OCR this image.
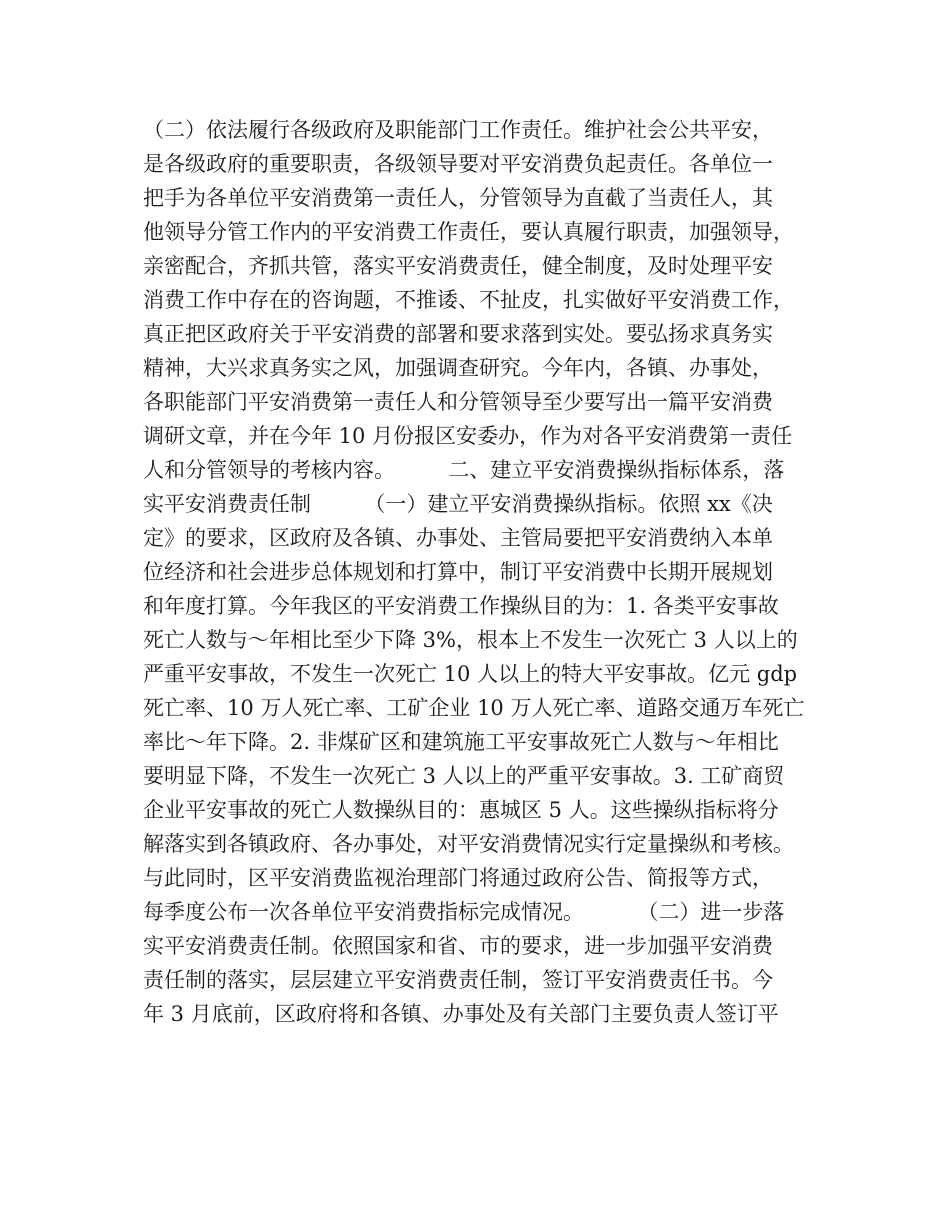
（二）依法履行各级政府及职能部门工作责任。维护社会公共平安，
是各级政府的重要职责，各级领导要对平安消费负起责任。各单位一
把手为各单位平安消费第一责任人，分管领导为直截了当责任人，其
他领导分管工作内的平安消费工作责任，要认真履行职责，加强领导，
亲密配合，齐抓共管，落实平安消费责任，健全制度，及时处理平安
消费工作中存在的咨询题，不推诿、不扯皮，扎实做好平安消费工作，
真正把区政府关于平安消费的部署和要求落到实处。要弘扬求真务实
精神，大兴求真务实之风，加强调查研究。今年内，各镇、办事处，
各职能部门平安消费第一责任人和分管领导至少要写出一篇平安消费
调研文章，并在今年 10 月份报区安委办，作为对各平安消费第一责任
人和分管领导的考核内容。        二、建立平安消费操纵指标体系，落
实平安消费责任制        （一）建立平安消费操纵指标。依照 xx《决
定》的要求，区政府及各镇、办事处、主管局要把平安消费纳入本单
位经济和社会进步总体规划和打算中，制订平安消费中长期开展规划
和年度打算。今年我区的平安消费工作操纵目的为：1. 各类平安事故
死亡人数与～年相比至少下降 3%，根本上不发生一次死亡 3 人以上的
严重平安事故，不发生一次死亡 10 人以上的特大平安事故。亿元 gdp
死亡率、10 万人死亡率、工矿企业 10 万人死亡率、道路交通万车死亡
率比～年下降。2. 非煤矿区和建筑施工平安事故死亡人数与～年相比
要明显下降，不发生一次死亡 3 人以上的严重平安事故。3. 工矿商贸
企业平安事故的死亡人数操纵目的：惠城区 5 人。这些操纵指标将分
解落实到各镇政府、各办事处，对平安消费情况实行定量操纵和考核。
与此同时，区平安消费监视治理部门将通过政府公告、简报等方式，
每季度公布一次各单位平安消费指标完成情况。        （二）进一步落
实平安消费责任制。依照国家和省、市的要求，进一步加强平安消费
责任制的落实，层层建立平安消费责任制，签订平安消费责任书。今
年 3 月底前，区政府将和各镇、办事处及有关部门主要负责人签订平
